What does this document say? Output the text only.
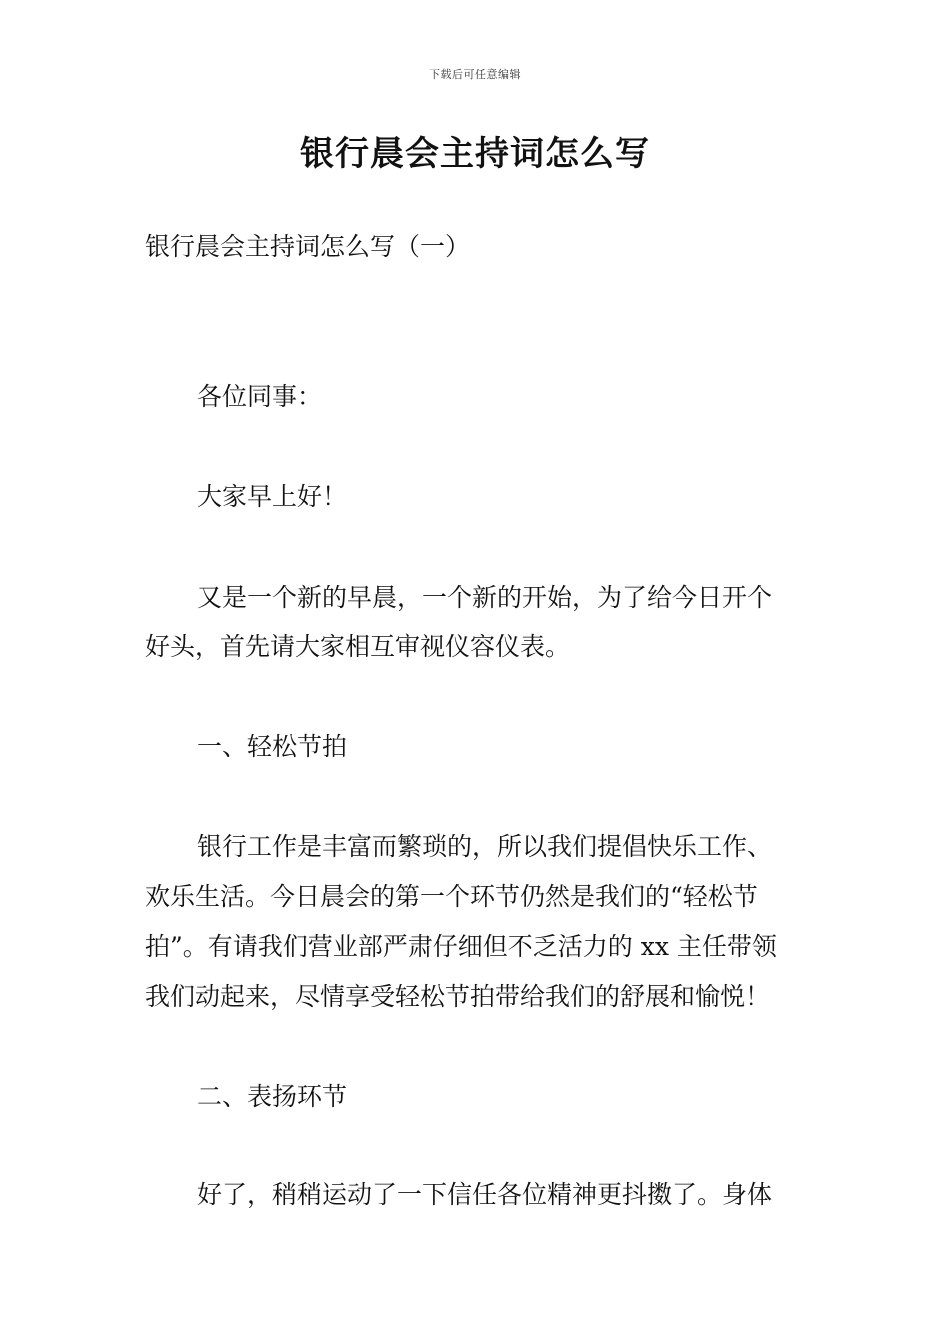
下载后可任意编辑
银行晨会主持词怎么写
银行晨会主持词怎么写（一）
各位同事：
大家早上好！
又是一个新的早晨，一个新的开始，为了给今日开个
好头，首先请大家相互审视仪容仪表。
一、轻松节拍
银行工作是丰富而繁琐的，所以我们提倡快乐工作、
欢乐生活。今日晨会的第一个环节仍然是我们的“轻松节
拍”。有请我们营业部严肃仔细但不乏活力的 xx 主任带领
我们动起来，尽情享受轻松节拍带给我们的舒展和愉悦！
二、表扬环节
好了，稍稍运动了一下信任各位精神更抖擞了。身体
